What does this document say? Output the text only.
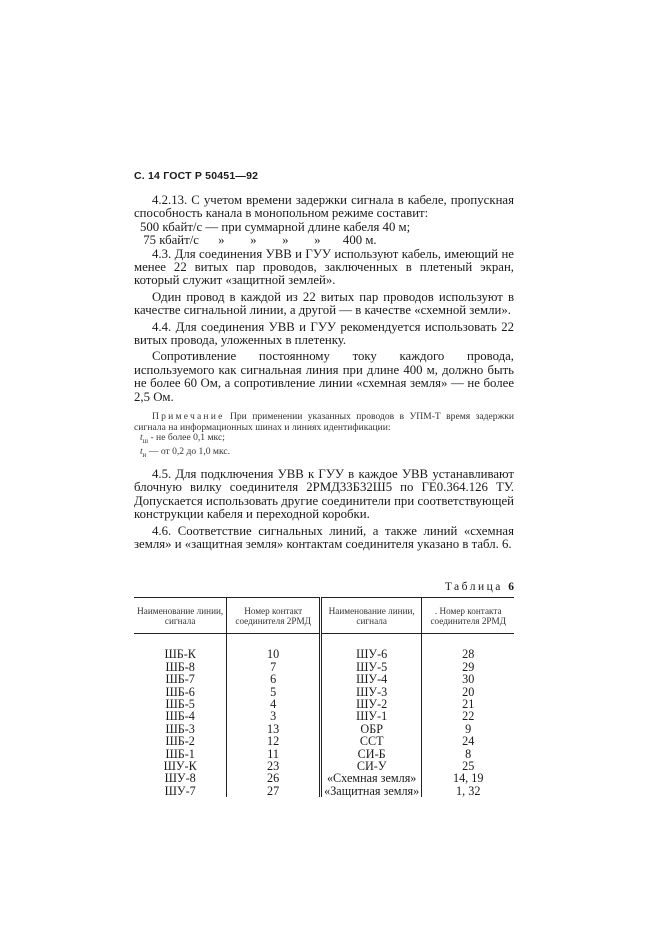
С. 14 ГОСТ Р 50451—92

4.2.13. С учетом времени задержки сигнала в кабеле, пропускная способность канала в монопольном режиме составит:

500 кбайт/с — при суммарной длине кабеля 40 м;
75 кбайт/с      »        »        »        »       400 м.

4.3. Для соединения УВВ и ГУУ используют кабель, имеющий не менее 22 витых пар проводов, заключенных в плетеный экран, который служит «защитной землей».

Один провод в каждой из 22 витых пар проводов используют в качестве сигнальной линии, а другой — в качестве «схемной земли».

4.4. Для соединения УВВ и ГУУ рекомендуется использовать 22 витых провода, уложенных в плетенку.

Сопротивление постоянному току каждого провода, используемого как сигнальная линия при длине 400 м, должно быть не более 60 Ом, а сопротивление линии «схемная земля» — не более 2,5 Ом.

Примечание При применении указанных проводов в УПМ-Т время задержки сигнала на информационных шинах и линиях идентификации:
$t_ш$ - не более 0,1 мкс;
$t_и$ — от 0,2 до 1,0 мкс.

4.5. Для подключения УВВ к ГУУ в каждое УВВ устанавливают блочную вилку соединителя 2РМД33Б32Ш5 по ГЕ0.364.126 ТУ. Допускается использовать другие соединители при соответствующей конструкции кабеля и переходной коробки.

4.6. Соответствие сигнальных линий, а также линий «схемная земля» и «защитная земля» контактам соединителя указано в табл. 6.

Таблица 6
Наименование линии, сигнала	Номер контакт соединителя 2РМД	Наименование линии, сигнала	. Номер контакта соединителя 2РМД
ШБ-К	10	ШУ-6	28
ШБ-8	7	ШУ-5	29
ШБ-7	6	ШУ-4	30
ШБ-6	5	ШУ-3	20
ШБ-5	4	ШУ-2	21
ШБ-4	3	ШУ-1	22
ШБ-3	13	ОБР	9
ШБ-2	12	ССТ	24
ШБ-1	11	СИ-Б	8
ШУ-К	23	СИ-У	25
ШУ-8	26	«Схемная земля»	14, 19
ШУ-7	27	«Защитная земля»	1, 32
